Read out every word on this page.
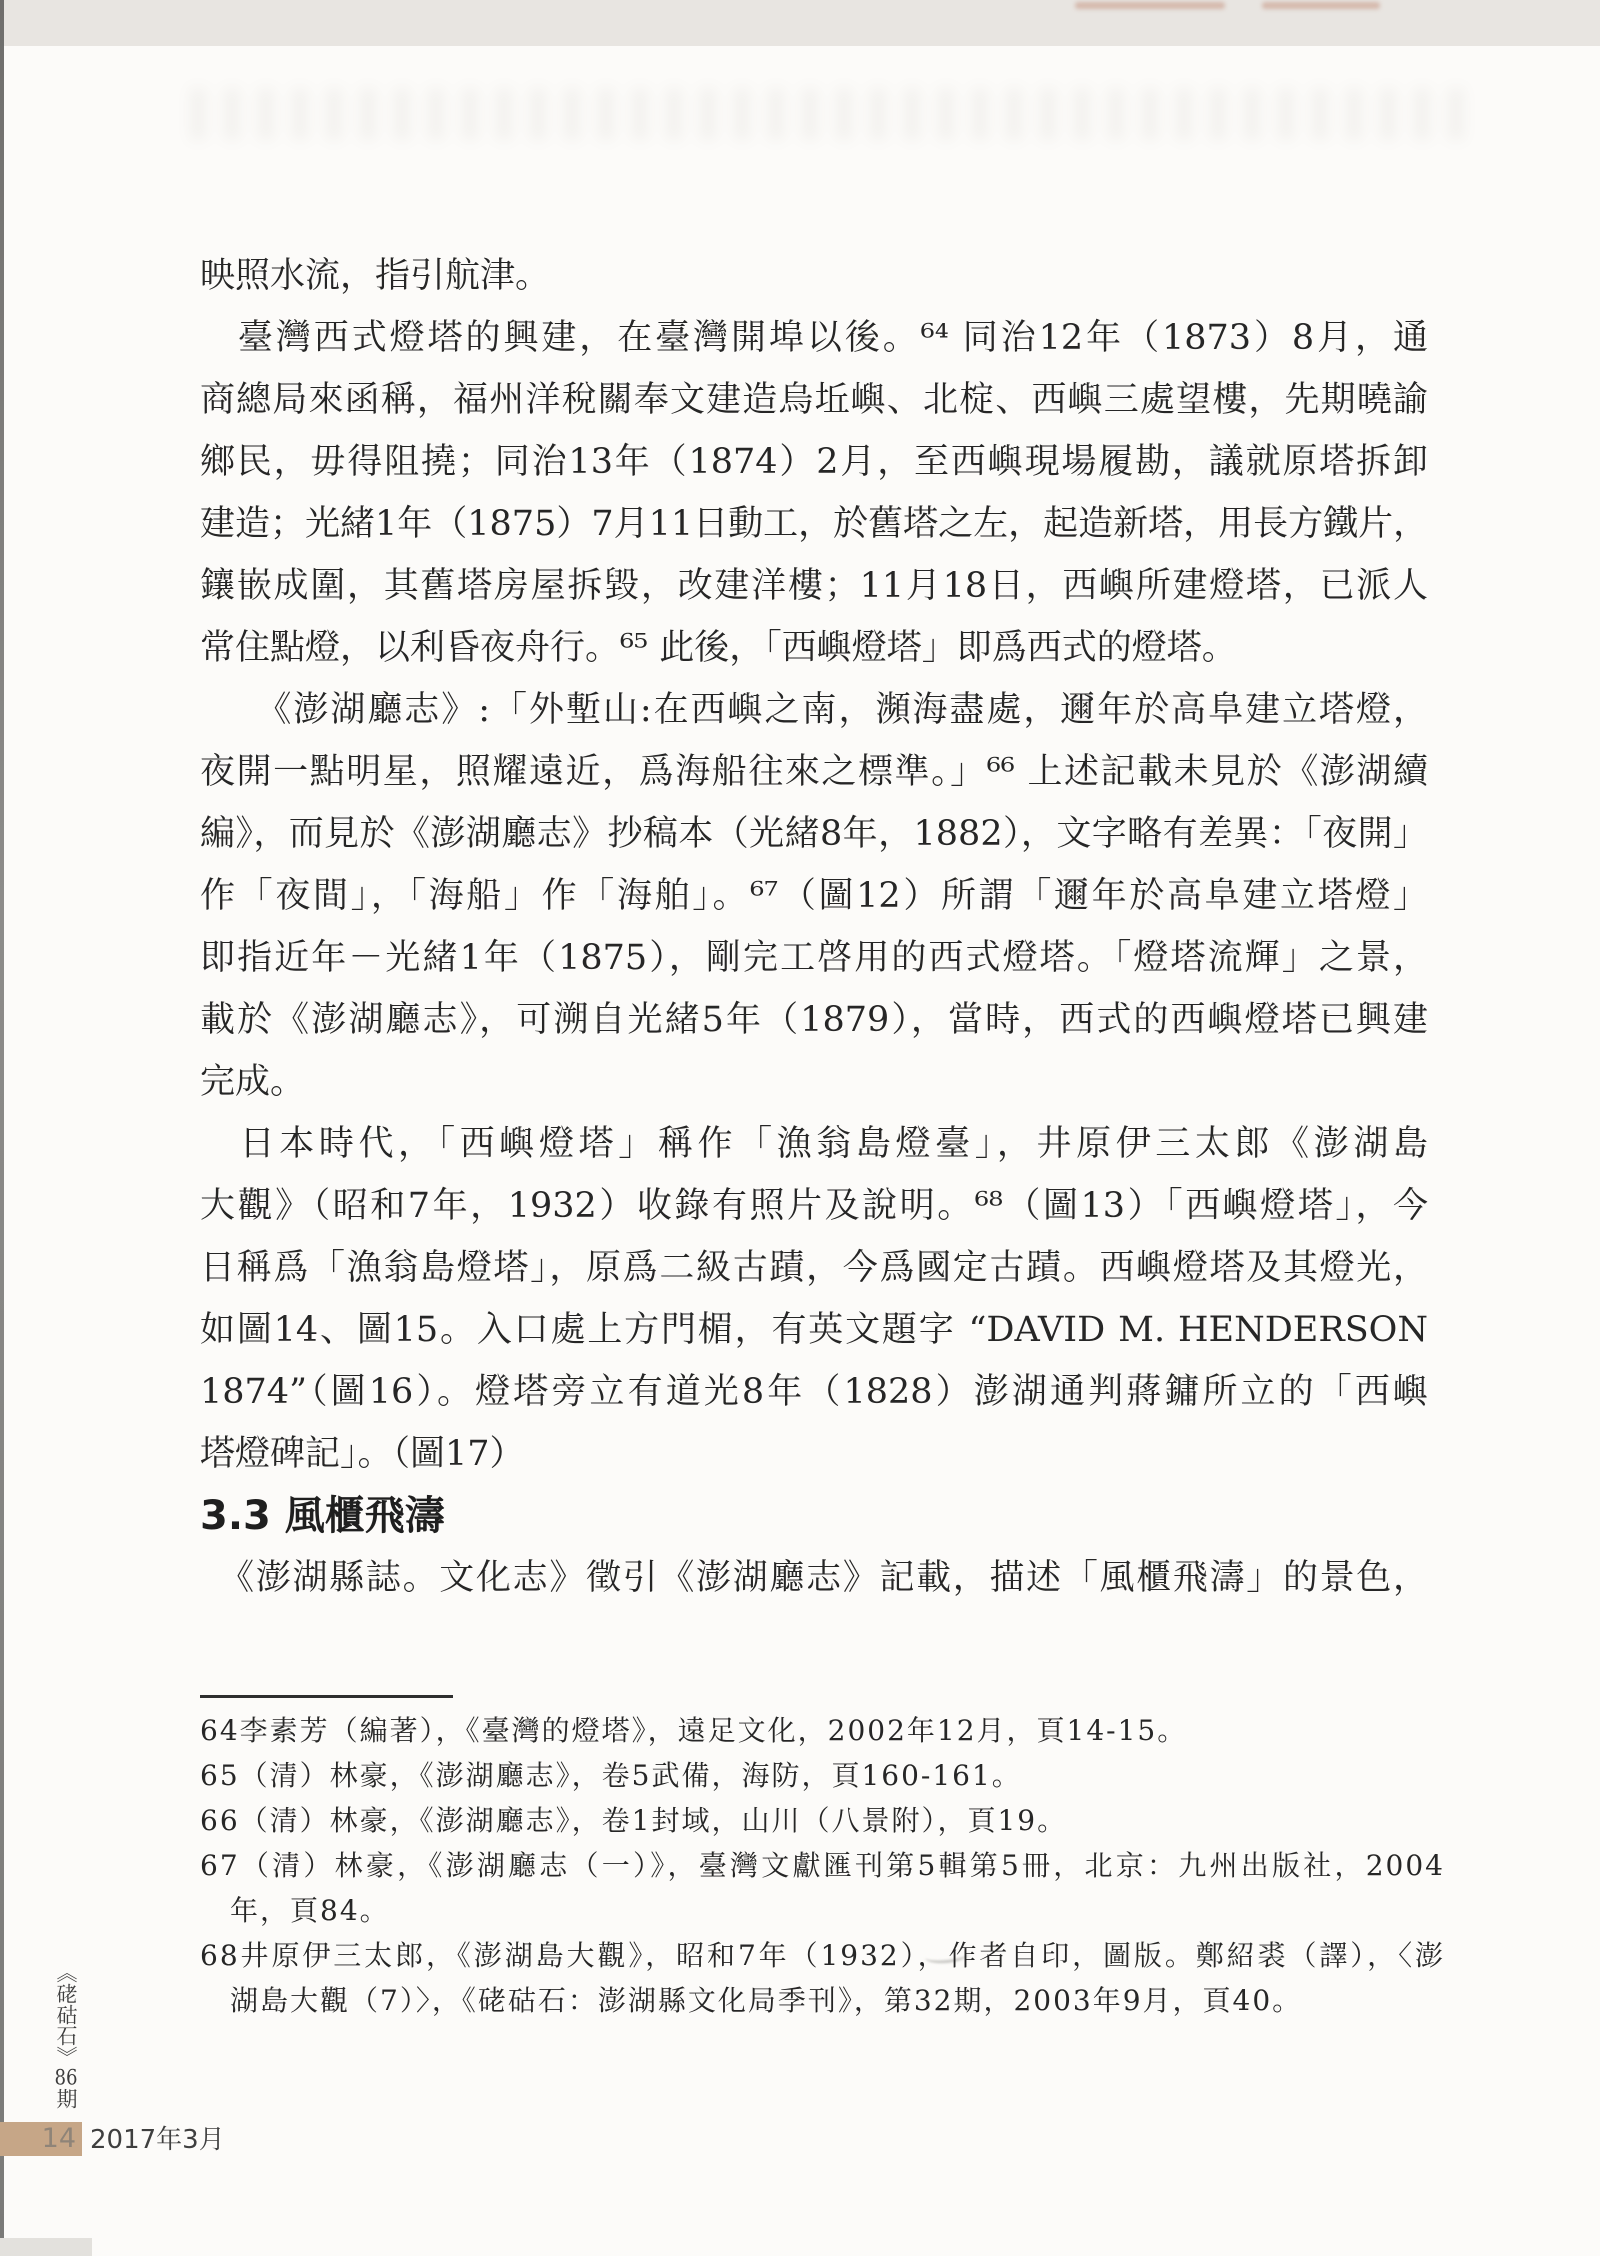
映照水流，指引航津。
　臺灣西式燈塔的興建，在臺灣開埠以後。⁶⁴ 同治12年（1873）8月，通
商總局來函稱，福州洋稅關奉文建造烏坵嶼、北椗、西嶼三處望樓，先期曉諭
鄉民，毋得阻撓；同治13年（1874）2月，至西嶼現場履勘，議就原塔拆卸
建造；光緒1年（1875）7月11日動工，於舊塔之左，起造新塔，用長方鐵片，
鑲嵌成圍，其舊塔房屋拆毀，改建洋樓；11月18日，西嶼所建燈塔，已派人
常住點燈，以利昏夜舟行。⁶⁵ 此後，「西嶼燈塔」即爲西式的燈塔。
　　《澎湖廳志》:「外塹山:在西嶼之南，瀕海盡處，邇年於高阜建立塔燈，
夜開一點明星，照耀遠近，爲海船往來之標準。」⁶⁶ 上述記載未見於《澎湖續
編》，而見於《澎湖廳志》抄稿本（光緒8年，1882），文字略有差異：「夜開」
作「夜間」，「海船」作「海舶」。⁶⁷（圖12）所謂「邇年於高阜建立塔燈」
即指近年－光緒1年（1875），剛完工啓用的西式燈塔。「燈塔流輝」之景，
載於《澎湖廳志》，可溯自光緒5年（1879），當時，西式的西嶼燈塔已興建
完成。
　日本時代，「西嶼燈塔」稱作「漁翁島燈臺」，井原伊三太郎《澎湖島
大觀》（昭和7年，1932）收錄有照片及說明。⁶⁸（圖13）「西嶼燈塔」，今
日稱爲「漁翁島燈塔」，原爲二級古蹟，今爲國定古蹟。西嶼燈塔及其燈光，
如圖14、圖15。入口處上方門楣，有英文題字 “DAVID M. HENDERSON
1874”（圖16）。燈塔旁立有道光8年（1828）澎湖通判蔣鏞所立的「西嶼
塔燈碑記」。（圖17）
3.3 風櫃飛濤
　《澎湖縣誌。文化志》徵引《澎湖廳志》記載，描述「風櫃飛濤」的景色，
64李素芳（編著），《臺灣的燈塔》，遠足文化，2002年12月，頁14-15。
65（清）林豪，《澎湖廳志》，卷5武備，海防，頁160-161。
66（清）林豪，《澎湖廳志》，卷1封域，山川（八景附），頁19。
67（清）林豪，《澎湖廳志（一）》，臺灣文獻匯刊第5輯第5冊，北京：九州出版社，2004
　年，頁84。
68井原伊三太郎，《澎湖島大觀》，昭和7年（1932），作者自印，圖版。鄭紹裘（譯），〈澎
　湖島大觀（7）〉，《硓𥑮石：澎湖縣文化局季刊》，第32期，2003年9月，頁40。
《硓𥑮石》86期
14 2017年3月
